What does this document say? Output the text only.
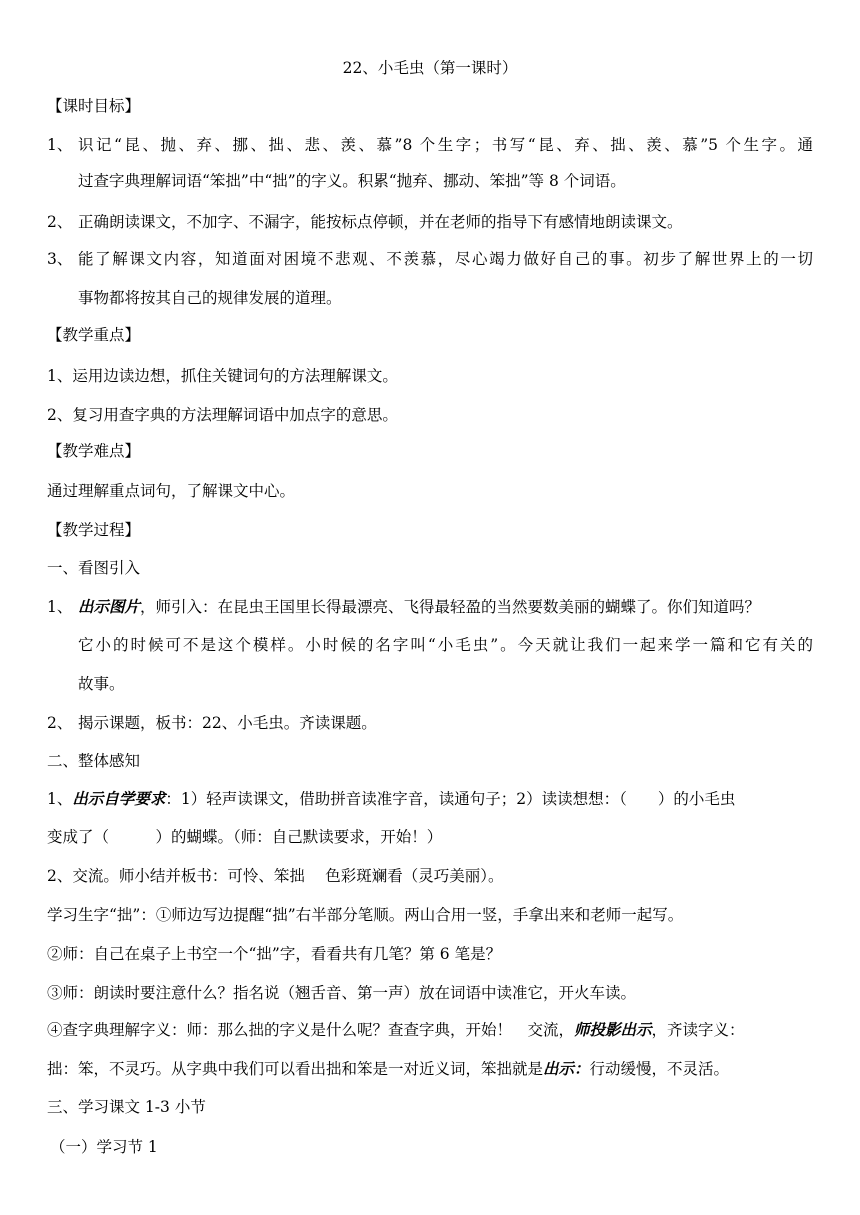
22、小毛虫（第一课时）
【课时目标】
1、 识记“昆、抛、弃、挪、拙、悲、羡、慕”8 个生字；书写“昆、弃、拙、羡、慕”5 个生字。通
过查字典理解词语“笨拙”中“拙”的字义。积累“抛弃、挪动、笨拙”等 8 个词语。
2、 正确朗读课文，不加字、不漏字，能按标点停顿，并在老师的指导下有感情地朗读课文。
3、 能了解课文内容，知道面对困境不悲观、不羡慕，尽心竭力做好自己的事。初步了解世界上的一切
事物都将按其自己的规律发展的道理。
【教学重点】
1、运用边读边想，抓住关键词句的方法理解课文。
2、复习用查字典的方法理解词语中加点字的意思。
【教学难点】
通过理解重点词句，了解课文中心。
【教学过程】
一、看图引入
1、 出示图片，师引入：在昆虫王国里长得最漂亮、飞得最轻盈的当然要数美丽的蝴蝶了。你们知道吗？
它小的时候可不是这个模样。小时候的名字叫“小毛虫”。今天就让我们一起来学一篇和它有关的
故事。
2、 揭示课题，板书：22、小毛虫。齐读课题。
二、整体感知
1、出示自学要求：1）轻声读课文，借助拼音读准字音，读通句子；2）读读想想：（　　）的小毛虫
变成了（　　　）的蝴蝶。（师：自己默读要求，开始！）
2、交流。师小结并板书：可怜、笨拙　 色彩斑斓看（灵巧美丽）。
学习生字“拙”：①师边写边提醒“拙”右半部分笔顺。两山合用一竖，手拿出来和老师一起写。
②师：自己在桌子上书空一个“拙”字，看看共有几笔？第 6 笔是？
③师：朗读时要注意什么？指名说（翘舌音、第一声）放在词语中读准它，开火车读。
④查字典理解字义：师：那么拙的字义是什么呢？查查字典，开始！　交流，师投影出示，齐读字义：
拙：笨，不灵巧。从字典中我们可以看出拙和笨是一对近义词，笨拙就是出示：行动缓慢，不灵活。
三、学习课文 1-3 小节
（一）学习节 1
